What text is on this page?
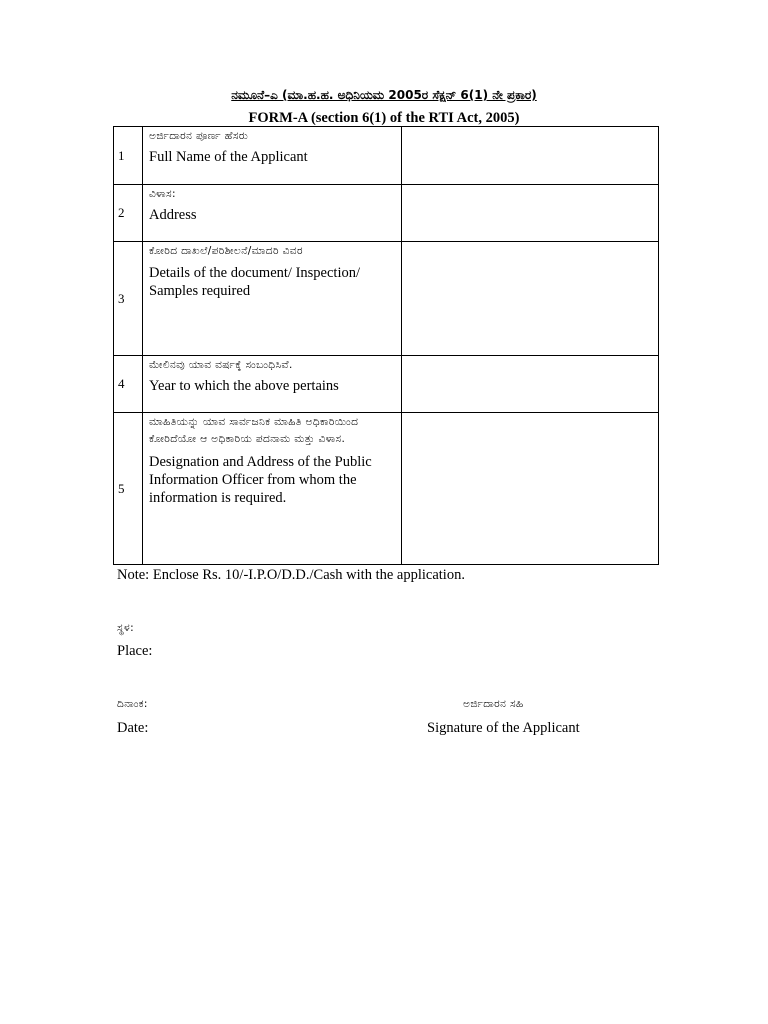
ನಮೂನೆ–ಎ (ಮಾ.ಹ.ಹ. ಅಧಿನಿಯಮ 2005ರ ಸೆಕ್ಷನ್ 6(1) ನೇ ಪ್ರಕಾರ)
FORM-A (section 6(1) of the RTI Act, 2005)
1	ಅರ್ಜಿದಾರನ ಪೂರ್ಣ ಹೆಸರು
Full Name of the Applicant	

2	ವಿಳಾಸ:
Address	

3	ಕೋರಿದ ದಾಖಲೆ/ಪರಿಶೀಲನೆ/ಮಾದರಿ ವಿವರ
Details of the document/ Inspection/ Samples required	

4	ಮೇಲಿನವು ಯಾವ ವರ್ಷಕ್ಕೆ ಸಂಬಂಧಿಸಿವೆ.
Year to which the above pertains	

5	ಮಾಹಿತಿಯನ್ನು ಯಾವ ಸಾರ್ವಜನಿಕ ಮಾಹಿತಿ ಅಧಿಕಾರಿಯಿಂದ
ಕೋರಿದೆಯೋ ಆ ಅಧಿಕಾರಿಯ ಪದನಾಮ ಮತ್ತು ವಿಳಾಸ.
Designation and Address of the Public Information Officer from whom the information is required.	

Note: Enclose Rs. 10/-I.P.O/D.D./Cash with the application.
ಸ್ಥಳ:
Place:
ದಿನಾಂಕ:
Date:
ಅರ್ಜಿದಾರನ ಸಹಿ
Signature of the Applicant
